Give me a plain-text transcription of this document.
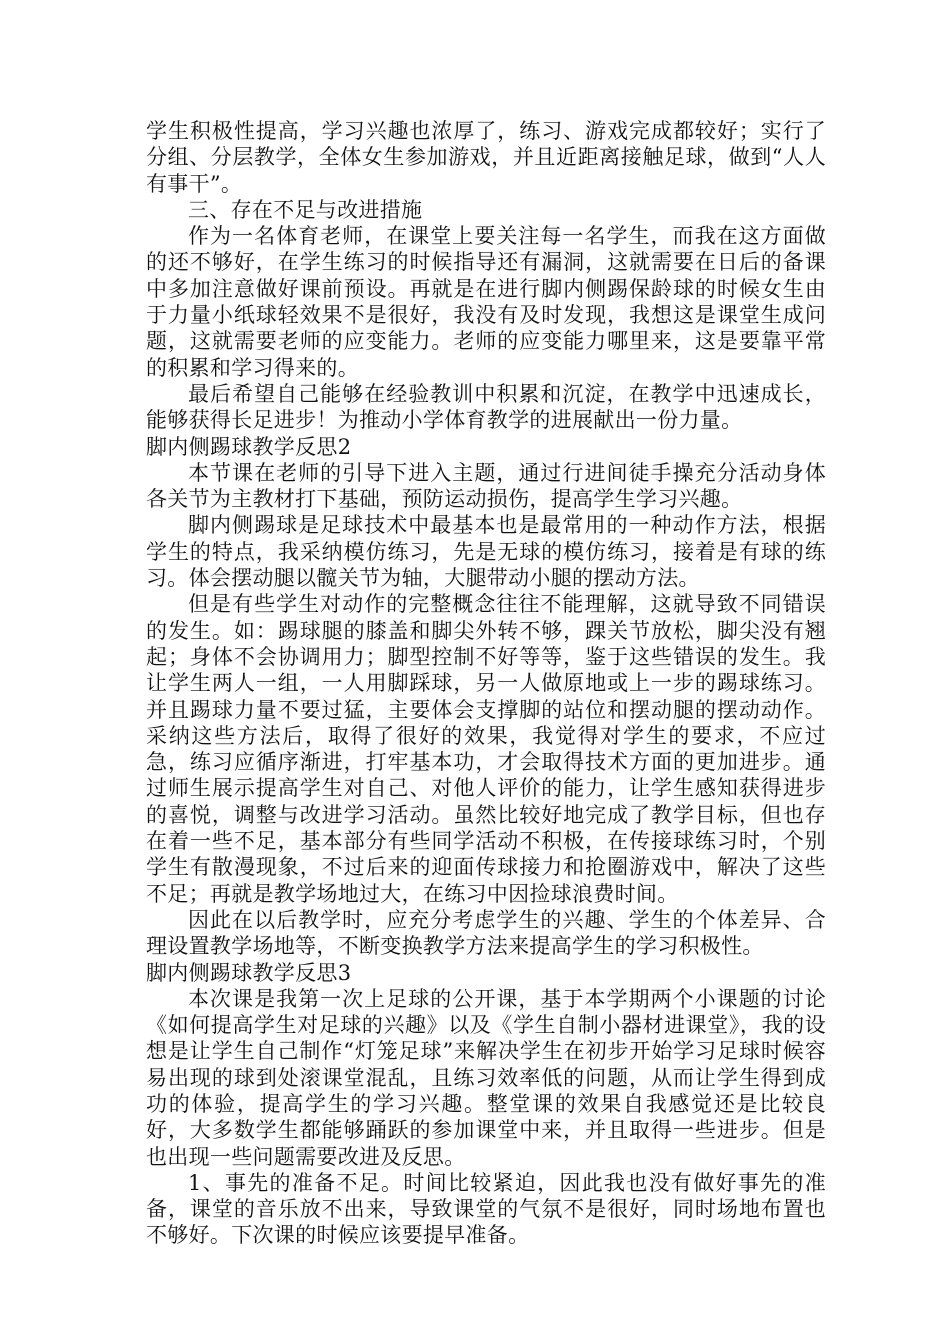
学生积极性提高，学习兴趣也浓厚了，练习、游戏完成都较好；实行了分组、分层教学，全体女生参加游戏，并且近距离接触足球，做到“人人有事干”。

三、存在不足与改进措施

作为一名体育老师，在课堂上要关注每一名学生，而我在这方面做的还不够好，在学生练习的时候指导还有漏洞，这就需要在日后的备课中多加注意做好课前预设。再就是在进行脚内侧踢保龄球的时候女生由于力量小纸球轻效果不是很好，我没有及时发现，我想这是课堂生成问题，这就需要老师的应变能力。老师的应变能力哪里来，这是要靠平常的积累和学习得来的。

最后希望自己能够在经验教训中积累和沉淀，在教学中迅速成长，能够获得长足进步！为推动小学体育教学的进展献出一份力量。

脚内侧踢球教学反思2

本节课在老师的引导下进入主题，通过行进间徒手操充分活动身体各关节为主教材打下基础，预防运动损伤，提高学生学习兴趣。

脚内侧踢球是足球技术中最基本也是最常用的一种动作方法，根据学生的特点，我采纳模仿练习，先是无球的模仿练习，接着是有球的练习。体会摆动腿以髋关节为轴，大腿带动小腿的摆动方法。

但是有些学生对动作的完整概念往往不能理解，这就导致不同错误的发生。如：踢球腿的膝盖和脚尖外转不够，踝关节放松，脚尖没有翘起；身体不会协调用力；脚型控制不好等等，鉴于这些错误的发生。我让学生两人一组，一人用脚踩球，另一人做原地或上一步的踢球练习。并且踢球力量不要过猛，主要体会支撑脚的站位和摆动腿的摆动动作。采纳这些方法后，取得了很好的效果，我觉得对学生的要求，不应过急，练习应循序渐进，打牢基本功，才会取得技术方面的更加进步。通过师生展示提高学生对自己、对他人评价的能力，让学生感知获得进步的喜悦，调整与改进学习活动。虽然比较好地完成了教学目标，但也存在着一些不足，基本部分有些同学活动不积极，在传接球练习时，个别学生有散漫现象，不过后来的迎面传球接力和抢圈游戏中，解决了这些不足；再就是教学场地过大，在练习中因捡球浪费时间。

因此在以后教学时，应充分考虑学生的兴趣、学生的个体差异、合理设置教学场地等，不断变换教学方法来提高学生的学习积极性。

脚内侧踢球教学反思3

本次课是我第一次上足球的公开课，基于本学期两个小课题的讨论《如何提高学生对足球的兴趣》以及《学生自制小器材进课堂》，我的设想是让学生自己制作“灯笼足球”来解决学生在初步开始学习足球时候容易出现的球到处滚课堂混乱，且练习效率低的问题，从而让学生得到成功的体验，提高学生的学习兴趣。整堂课的效果自我感觉还是比较良好，大多数学生都能够踊跃的参加课堂中来，并且取得一些进步。但是也出现一些问题需要改进及反思。

1、事先的准备不足。时间比较紧迫，因此我也没有做好事先的准备，课堂的音乐放不出来，导致课堂的气氛不是很好，同时场地布置也不够好。下次课的时候应该要提早准备。
